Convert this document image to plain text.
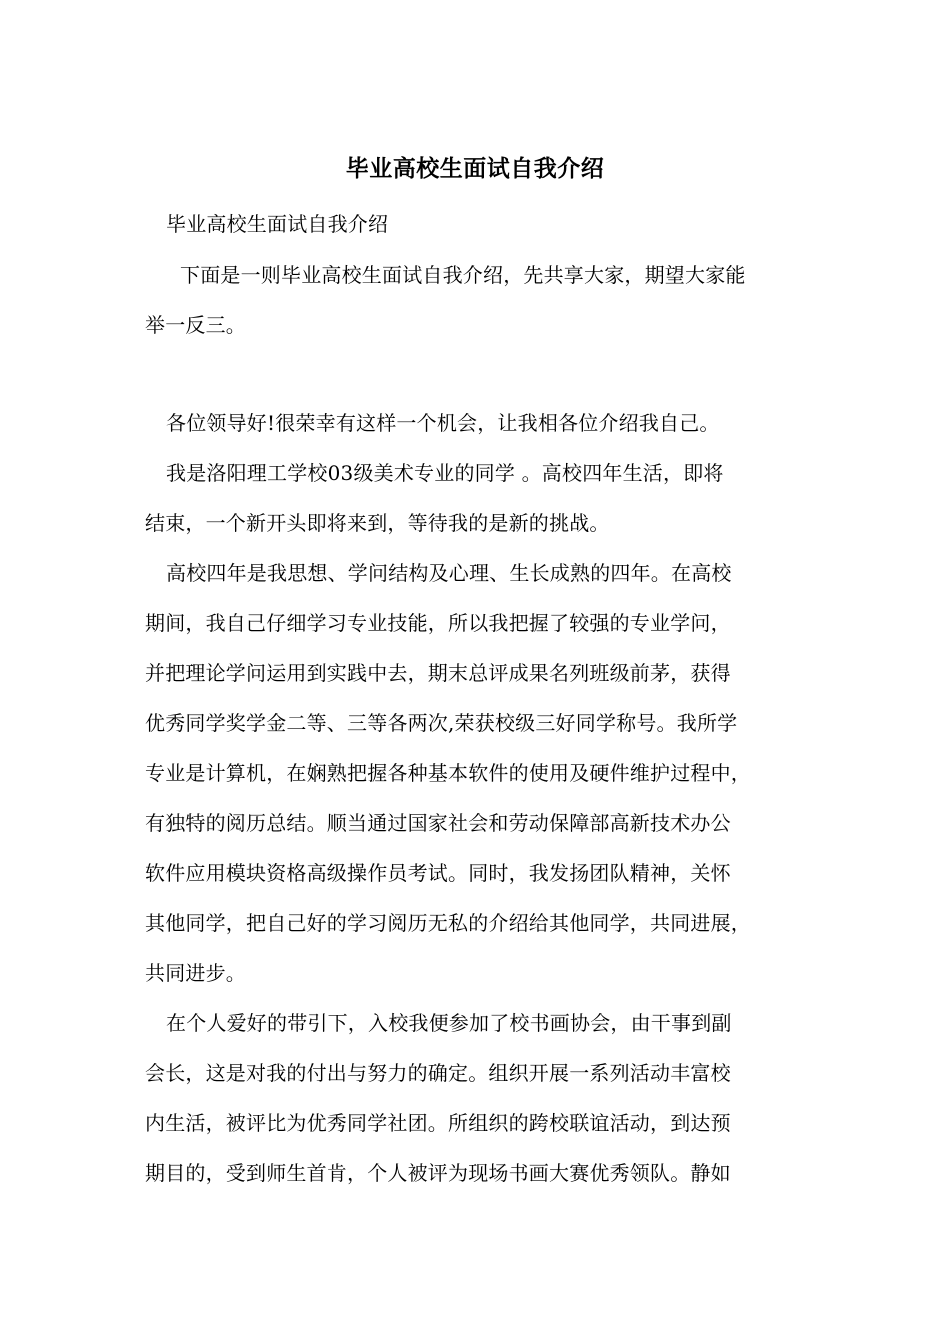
毕业高校生面试自我介绍
毕业高校生面试自我介绍
下面是一则毕业高校生面试自我介绍，先共享大家，期望大家能
举一反三。
各位领导好!很荣幸有这样一个机会，让我相各位介绍我自己。
我是洛阳理工学校03级美术专业的同学 。高校四年生活，即将
结束，一个新开头即将来到，等待我的是新的挑战。
高校四年是我思想、学问结构及心理、生长成熟的四年。在高校
期间，我自己仔细学习专业技能，所以我把握了较强的专业学问，
并把理论学问运用到实践中去，期末总评成果名列班级前茅，获得
优秀同学奖学金二等、三等各两次,荣获校级三好同学称号。我所学
专业是计算机，在娴熟把握各种基本软件的使用及硬件维护过程中，
有独特的阅历总结。顺当通过国家社会和劳动保障部高新技术办公
软件应用模块资格高级操作员考试。同时，我发扬团队精神，关怀
其他同学，把自己好的学习阅历无私的介绍给其他同学，共同进展，
共同进步。
在个人爱好的带引下，入校我便参加了校书画协会，由干事到副
会长，这是对我的付出与努力的确定。组织开展一系列活动丰富校
内生活，被评比为优秀同学社团。所组织的跨校联谊活动，到达预
期目的，受到师生首肯，个人被评为现场书画大赛优秀领队。静如
